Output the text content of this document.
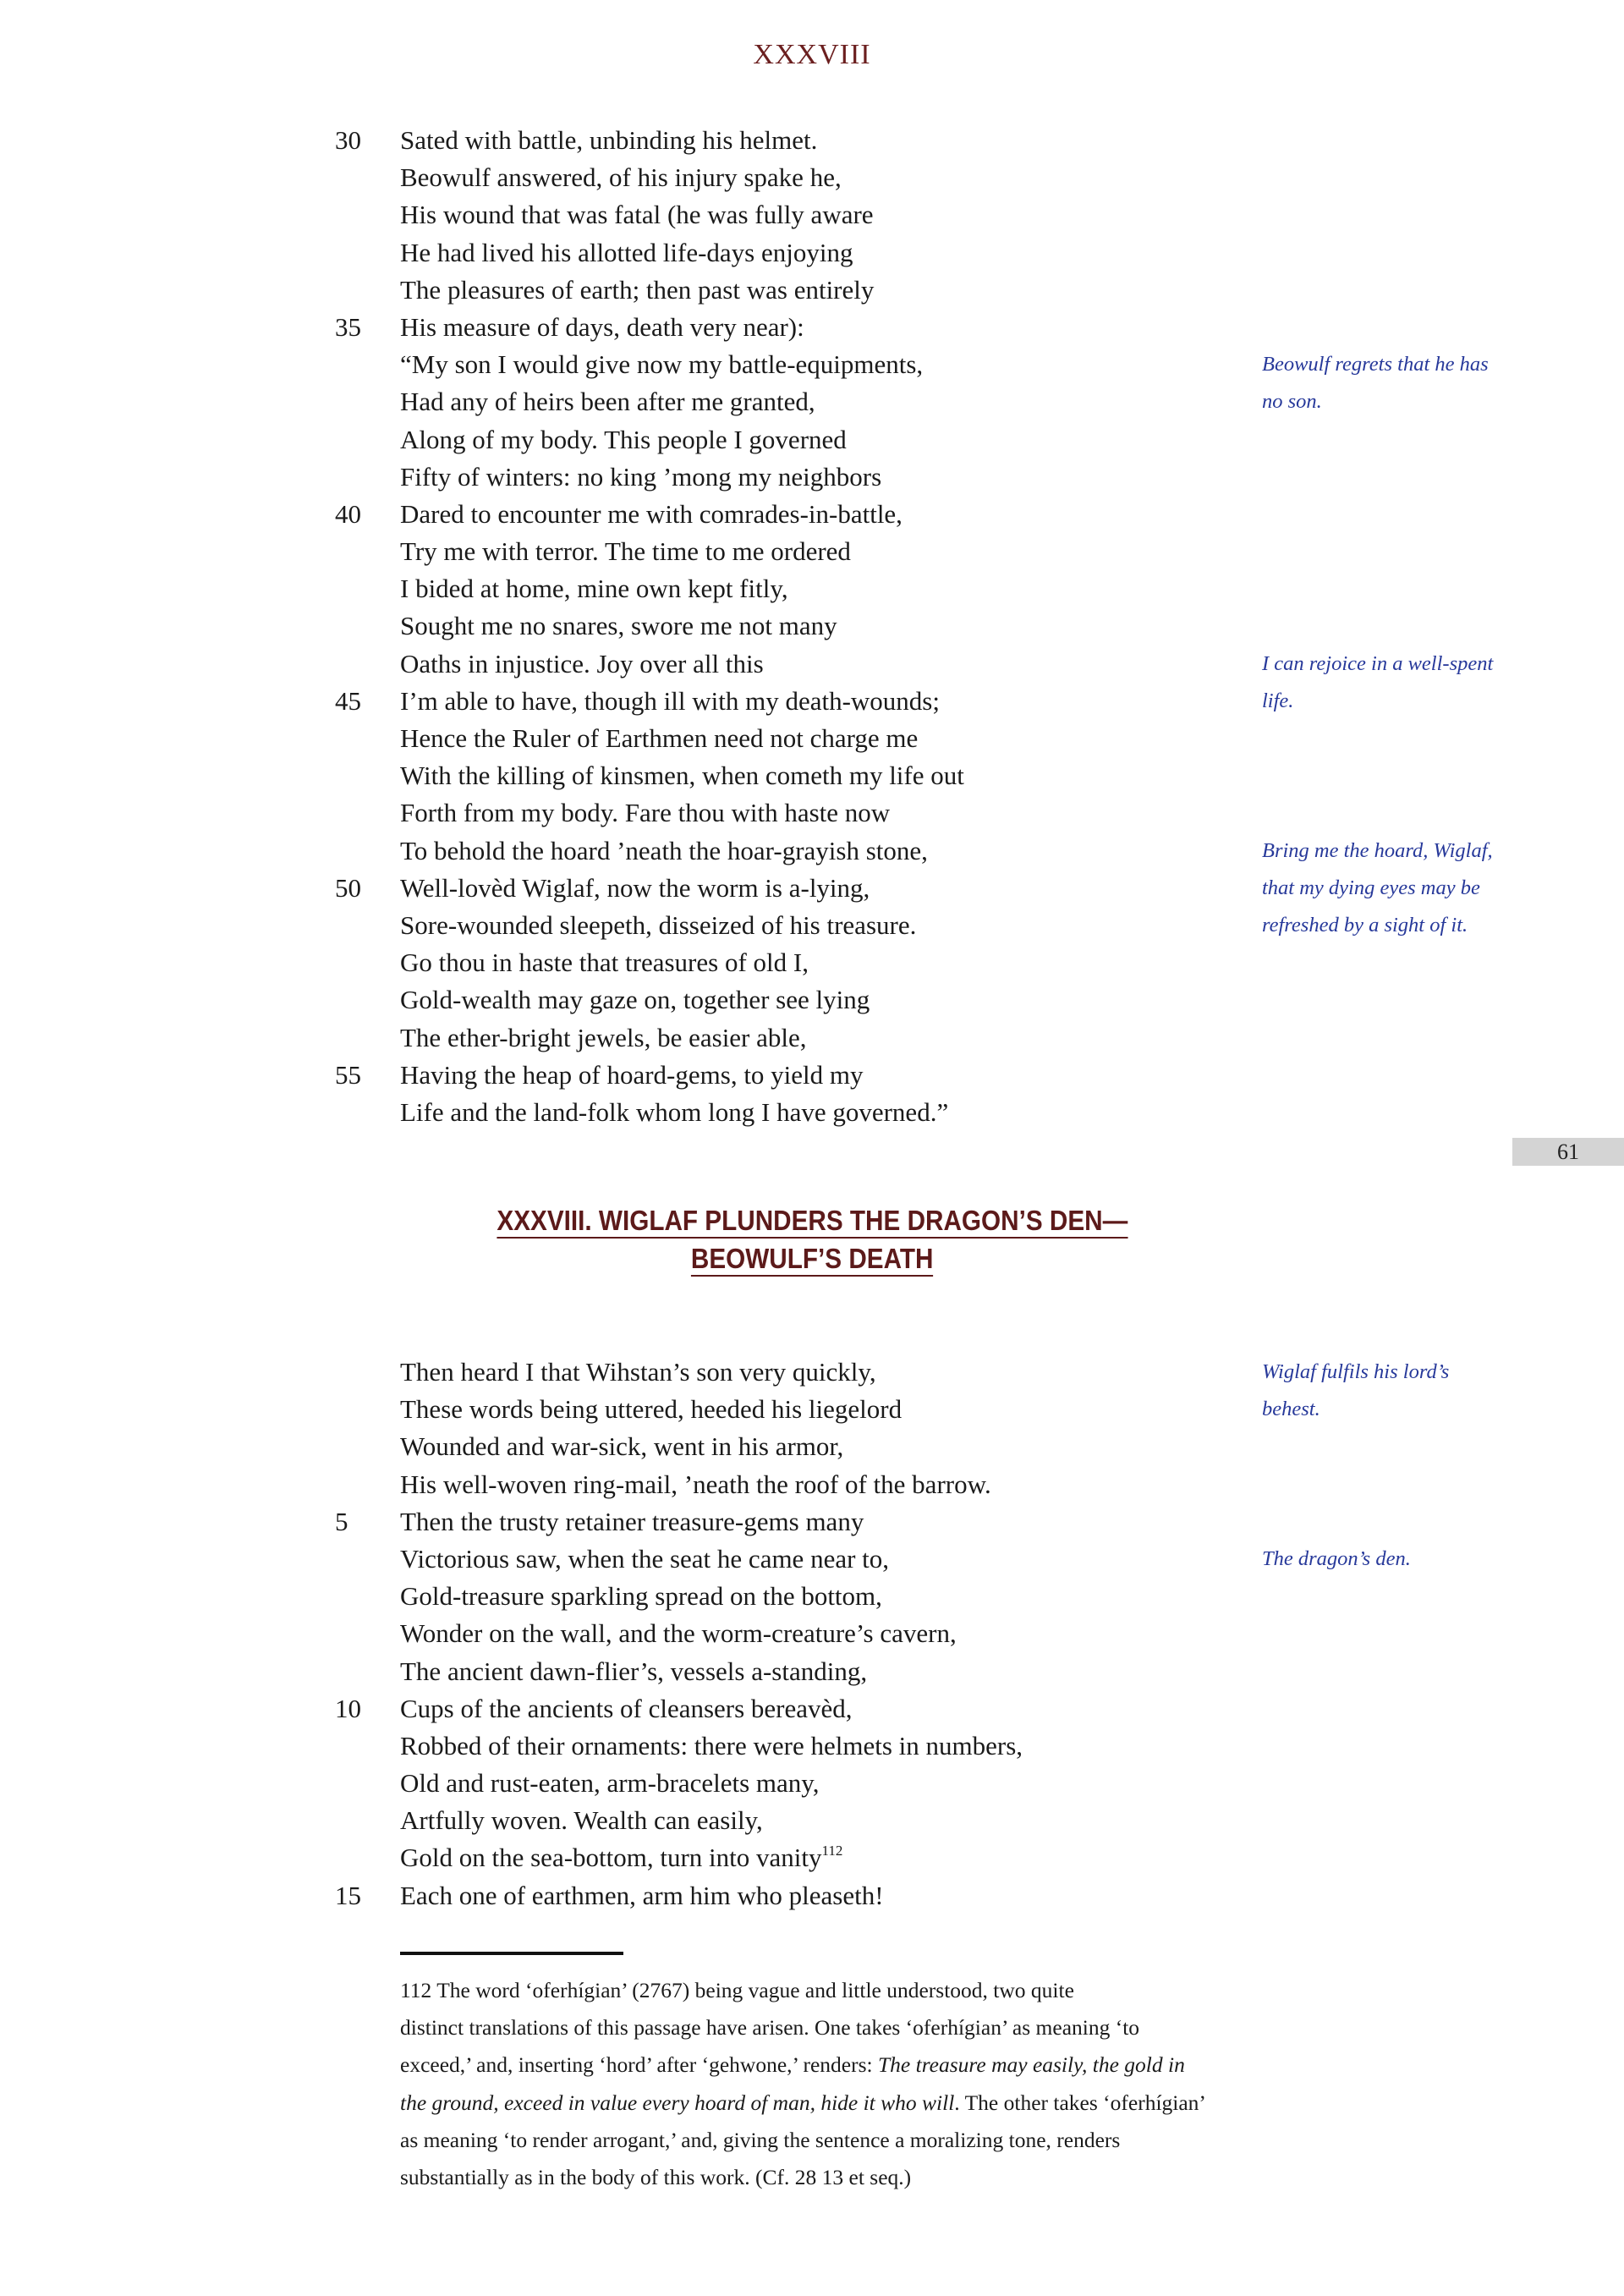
XXXVIII
30 Sated with battle, unbinding his helmet.
Beowulf answered, of his injury spake he,
His wound that was fatal (he was fully aware
He had lived his allotted life-days enjoying
The pleasures of earth; then past was entirely
35 His measure of days, death very near):
“My son I would give now my battle-equipments,
Had any of heirs been after me granted,
Along of my body. This people I governed
Fifty of winters: no king ’mong my neighbors
40 Dared to encounter me with comrades-in-battle,
Try me with terror. The time to me ordered
I bided at home, mine own kept fitly,
Sought me no snares, swore me not many
Oaths in injustice. Joy over all this
45 I’m able to have, though ill with my death-wounds;
Hence the Ruler of Earthmen need not charge me
With the killing of kinsmen, when cometh my life out
Forth from my body. Fare thou with haste now
To behold the hoard ’neath the hoar-grayish stone,
50 Well-lovèd Wiglaf, now the worm is a-lying,
Sore-wounded sleepeth, disseized of his treasure.
Go thou in haste that treasures of old I,
Gold-wealth may gaze on, together see lying
The ether-bright jewels, be easier able,
55 Having the heap of hoard-gems, to yield my
Life and the land-folk whom long I have governed.”
Beowulf regrets that he has
no son.
I can rejoice in a well-spent
life.
Bring me the hoard, Wiglaf,
that my dying eyes may be
refreshed by a sight of it.
61
XXXVIII. WIGLAF PLUNDERS THE DRAGON’S DEN—
BEOWULF’S DEATH
Then heard I that Wihstan’s son very quickly,
These words being uttered, heeded his liegelord
Wounded and war-sick, went in his armor,
His well-woven ring-mail, ’neath the roof of the barrow.
5	Then the trusty retainer treasure-gems many
Victorious saw, when the seat he came near to,
Gold-treasure sparkling spread on the bottom,
Wonder on the wall, and the worm-creature’s cavern,
The ancient dawn-flier’s, vessels a-standing,
10 Cups of the ancients of cleansers bereavèd,
Robbed of their ornaments: there were helmets in numbers,
Old and rust-eaten, arm-bracelets many,
Artfully woven. Wealth can easily,
Gold on the sea-bottom, turn into vanity$^{112}$
15 Each one of earthmen, arm him who pleaseth!
Wiglaf fulfils his lord’s
behest.
The dragon’s den.
112 The word ‘oferhígian’ (2767) being vague and little understood, two quite
distinct translations of this passage have arisen. One takes ‘oferhígian’ as meaning ‘to
exceed,’ and, inserting ‘hord’ after ‘gehwone,’ renders: The treasure may easily, the gold in
the ground, exceed in value every hoard of man, hide it who will. The other takes ‘oferhígian’
as meaning ‘to render arrogant,’ and, giving the sentence a moralizing tone, renders
substantially as in the body of this work. (Cf. 28 13 et seq.)
